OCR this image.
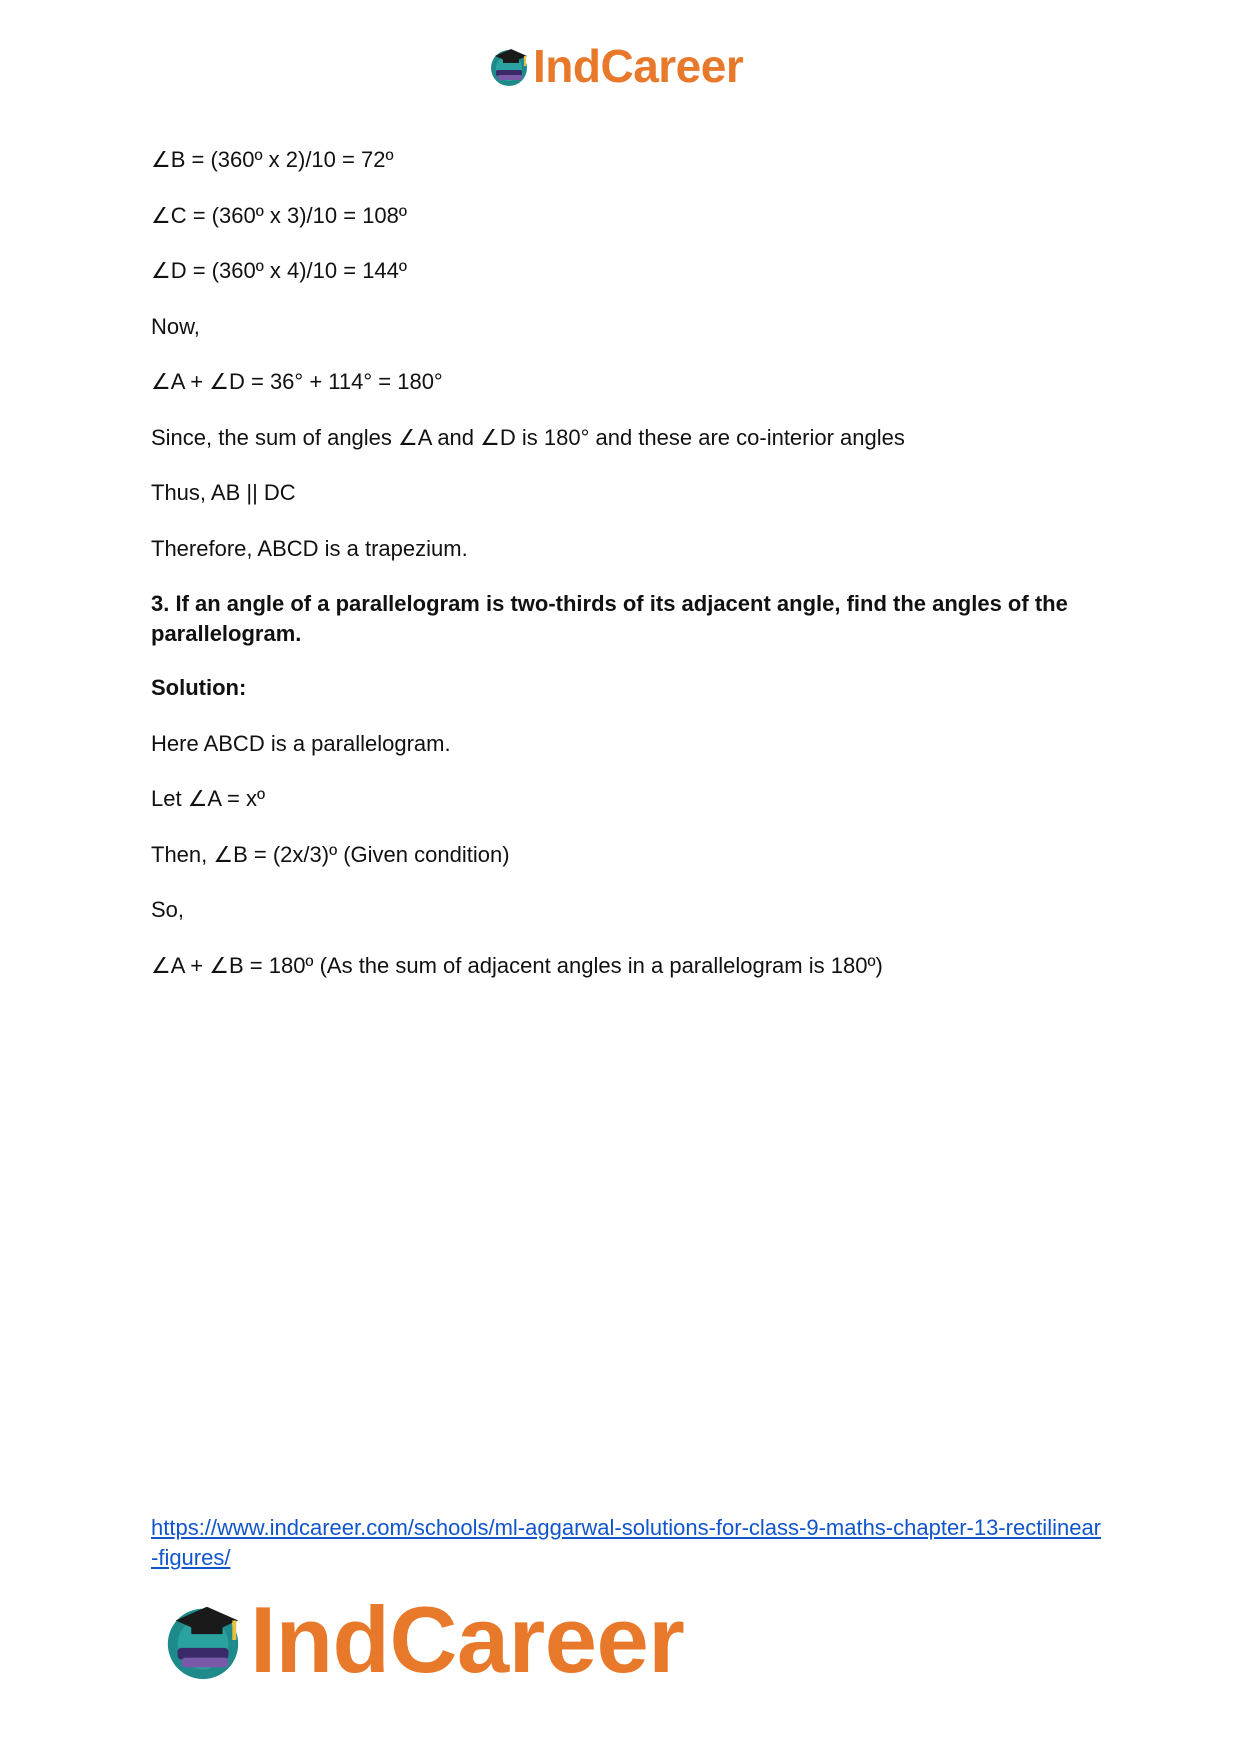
IndCareer
∠B = (360º x 2)/10 = 72º
∠C = (360º x 3)/10 = 108º
∠D = (360º x 4)/10 = 144º
Now,
∠A + ∠D = 36° + 114° = 180°
Since, the sum of angles ∠A and ∠D is 180° and these are co-interior angles
Thus, AB || DC
Therefore, ABCD is a trapezium.
3. If an angle of a parallelogram is two-thirds of its adjacent angle, find the angles of the parallelogram.
Solution:
Here ABCD is a parallelogram.
Let ∠A = xº
Then, ∠B = (2x/3)º (Given condition)
So,
∠A + ∠B = 180º (As the sum of adjacent angles in a parallelogram is 180º)
https://www.indcareer.com/schools/ml-aggarwal-solutions-for-class-9-maths-chapter-13-rectilinear-figures/
IndCareer
